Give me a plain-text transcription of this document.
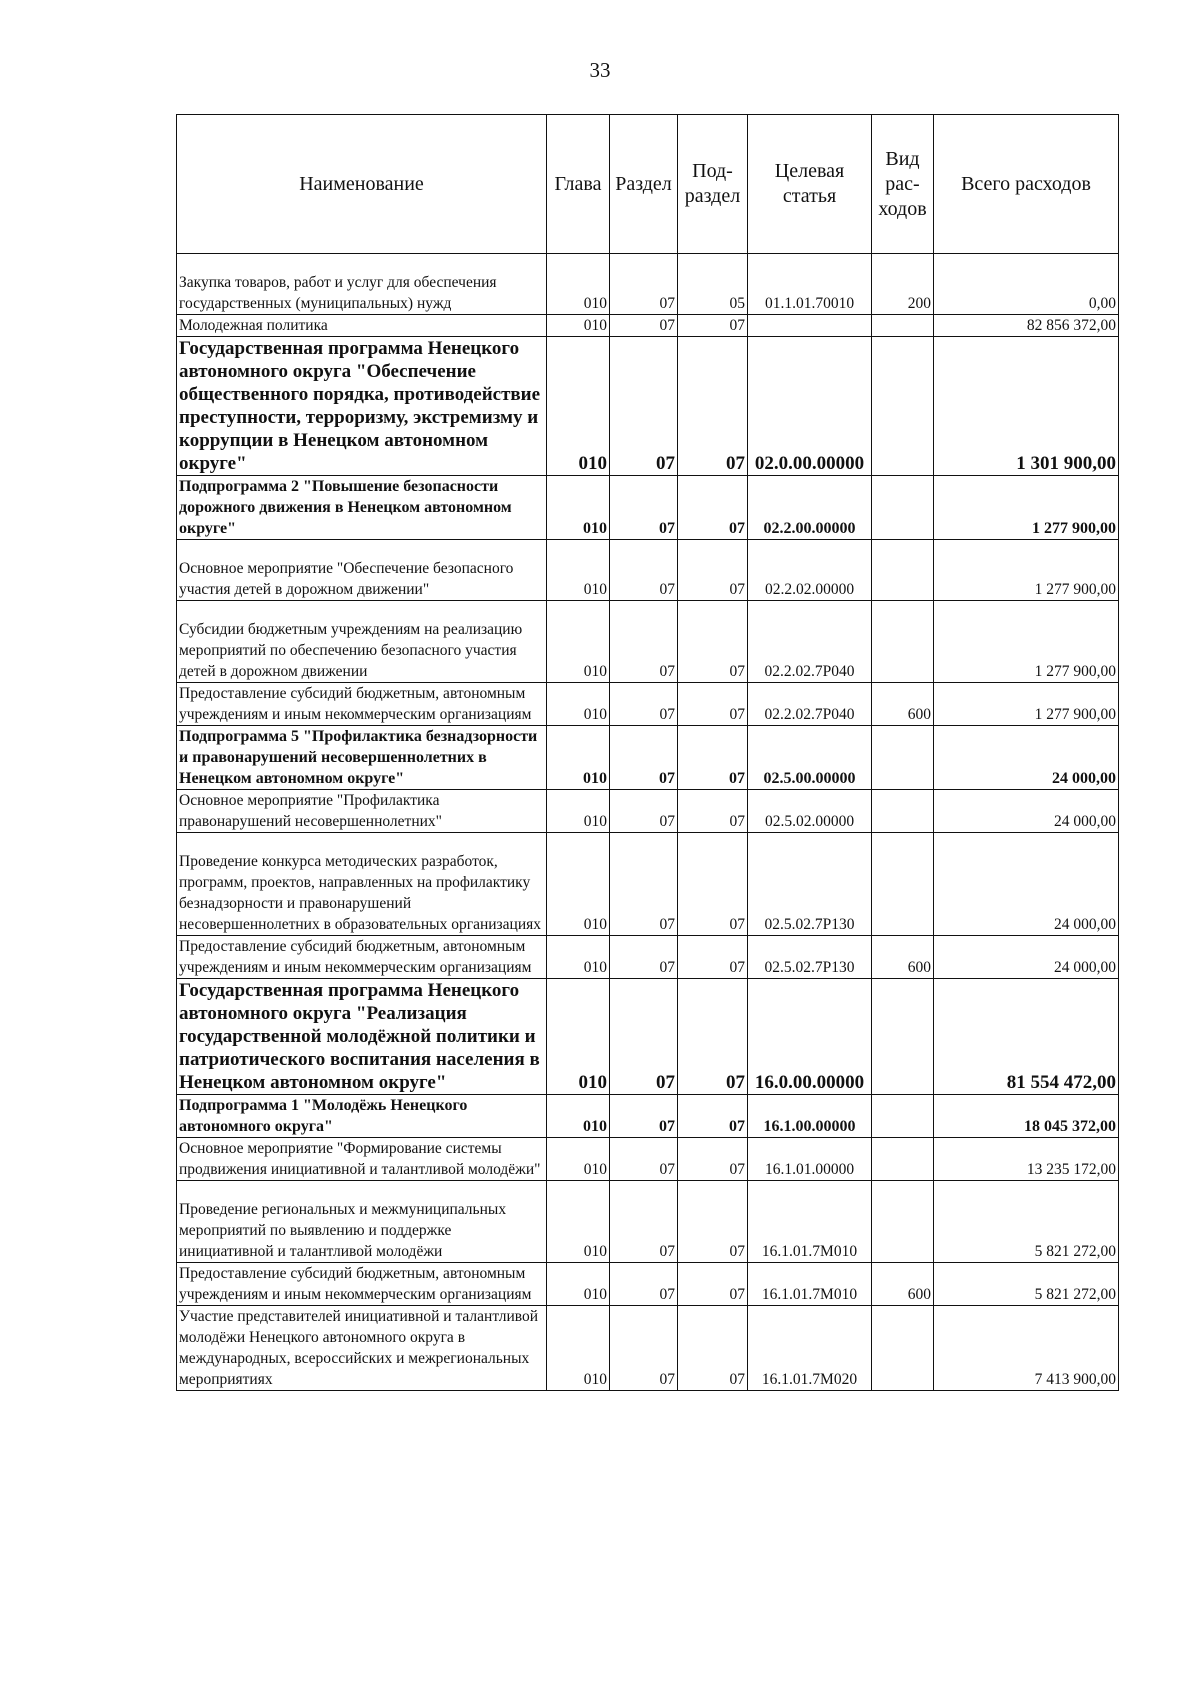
33
Наименование	Глава	Раздел	Под- раздел	Целевая статья	Вид рас- ходов	Всего расходов
Закупка товаров, работ и услуг для обеспечения государственных (муниципальных) нужд	010	07	05	01.1.01.70010	200	0,00
Молодежная политика	010	07	07			82 856 372,00
Государственная программа Ненецкого автономного округа "Обеспечение общественного порядка, противодействие преступности, терроризму, экстремизму и коррупции в Ненецком автономном округе"	010	07	07	02.0.00.00000		1 301 900,00
Подпрограмма 2 "Повышение безопасности дорожного движения в Ненецком автономном округе"	010	07	07	02.2.00.00000		1 277 900,00
Основное мероприятие "Обеспечение безопасного участия детей в дорожном движении"	010	07	07	02.2.02.00000		1 277 900,00
Субсидии бюджетным учреждениям на реализацию мероприятий по обеспечению безопасного участия детей в дорожном движении	010	07	07	02.2.02.7P040		1 277 900,00
Предоставление субсидий бюджетным, автономным учреждениям и иным некоммерческим организациям	010	07	07	02.2.02.7P040	600	1 277 900,00
Подпрограмма 5 "Профилактика безнадзорности и правонарушений несовершеннолетних в Ненецком автономном округе"	010	07	07	02.5.00.00000		24 000,00
Основное мероприятие "Профилактика правонарушений несовершеннолетних"	010	07	07	02.5.02.00000		24 000,00
Проведение конкурса методических разработок, программ, проектов, направленных на профилактику безнадзорности и правонарушений несовершеннолетних в образовательных организациях	010	07	07	02.5.02.7P130		24 000,00
Предоставление субсидий бюджетным, автономным учреждениям и иным некоммерческим организациям	010	07	07	02.5.02.7P130	600	24 000,00
Государственная программа Ненецкого автономного округа "Реализация государственной молодёжной политики и патриотического воспитания населения в Ненецком автономном округе"	010	07	07	16.0.00.00000		81 554 472,00
Подпрограмма 1 "Молодёжь Ненецкого автономного округа"	010	07	07	16.1.00.00000		18 045 372,00
Основное мероприятие "Формирование системы продвижения инициативной и талантливой молодёжи"	010	07	07	16.1.01.00000		13 235 172,00
Проведение региональных и межмуниципальных мероприятий по выявлению и поддержке инициативной и талантливой молодёжи	010	07	07	16.1.01.7M010		5 821 272,00
Предоставление субсидий бюджетным, автономным учреждениям и иным некоммерческим организациям	010	07	07	16.1.01.7M010	600	5 821 272,00
Участие представителей инициативной и талантливой молодёжи Ненецкого автономного округа в международных, всероссийских и межрегиональных мероприятиях	010	07	07	16.1.01.7M020		7 413 900,00
